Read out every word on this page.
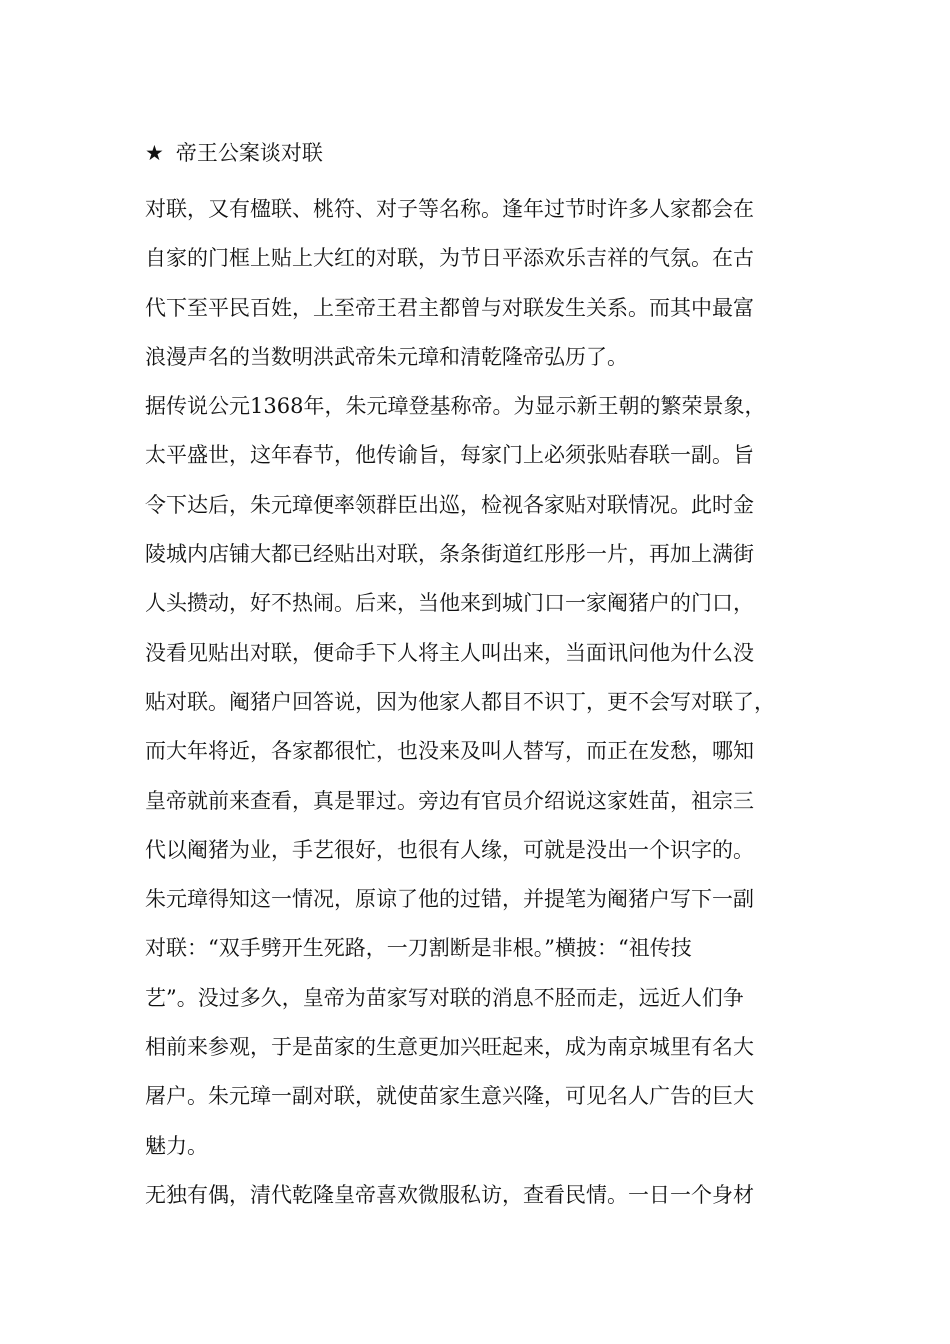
★ 帝王公案谈对联
对联，又有楹联、桃符、对子等名称。逢年过节时许多人家都会在
自家的门框上贴上大红的对联，为节日平添欢乐吉祥的气氛。在古
代下至平民百姓，上至帝王君主都曾与对联发生关系。而其中最富
浪漫声名的当数明洪武帝朱元璋和清乾隆帝弘历了。
据传说公元1368年，朱元璋登基称帝。为显示新王朝的繁荣景象，
太平盛世，这年春节，他传谕旨，每家门上必须张贴春联一副。旨
令下达后，朱元璋便率领群臣出巡，检视各家贴对联情况。此时金
陵城内店铺大都已经贴出对联，条条街道红彤彤一片，再加上满街
人头攒动，好不热闹。后来，当他来到城门口一家阉猪户的门口，
没看见贴出对联，便命手下人将主人叫出来，当面讯问他为什么没
贴对联。阉猪户回答说，因为他家人都目不识丁，更不会写对联了，
而大年将近，各家都很忙，也没来及叫人替写，而正在发愁，哪知
皇帝就前来查看，真是罪过。旁边有官员介绍说这家姓苗，祖宗三
代以阉猪为业，手艺很好，也很有人缘，可就是没出一个识字的。
朱元璋得知这一情况，原谅了他的过错，并提笔为阉猪户写下一副
对联：“双手劈开生死路，一刀割断是非根。”横披：“祖传技
艺”。没过多久，皇帝为苗家写对联的消息不胫而走，远近人们争
相前来参观，于是苗家的生意更加兴旺起来，成为南京城里有名大
屠户。朱元璋一副对联，就使苗家生意兴隆，可见名人广告的巨大
魅力。
无独有偶，清代乾隆皇帝喜欢微服私访，查看民情。一日一个身材
